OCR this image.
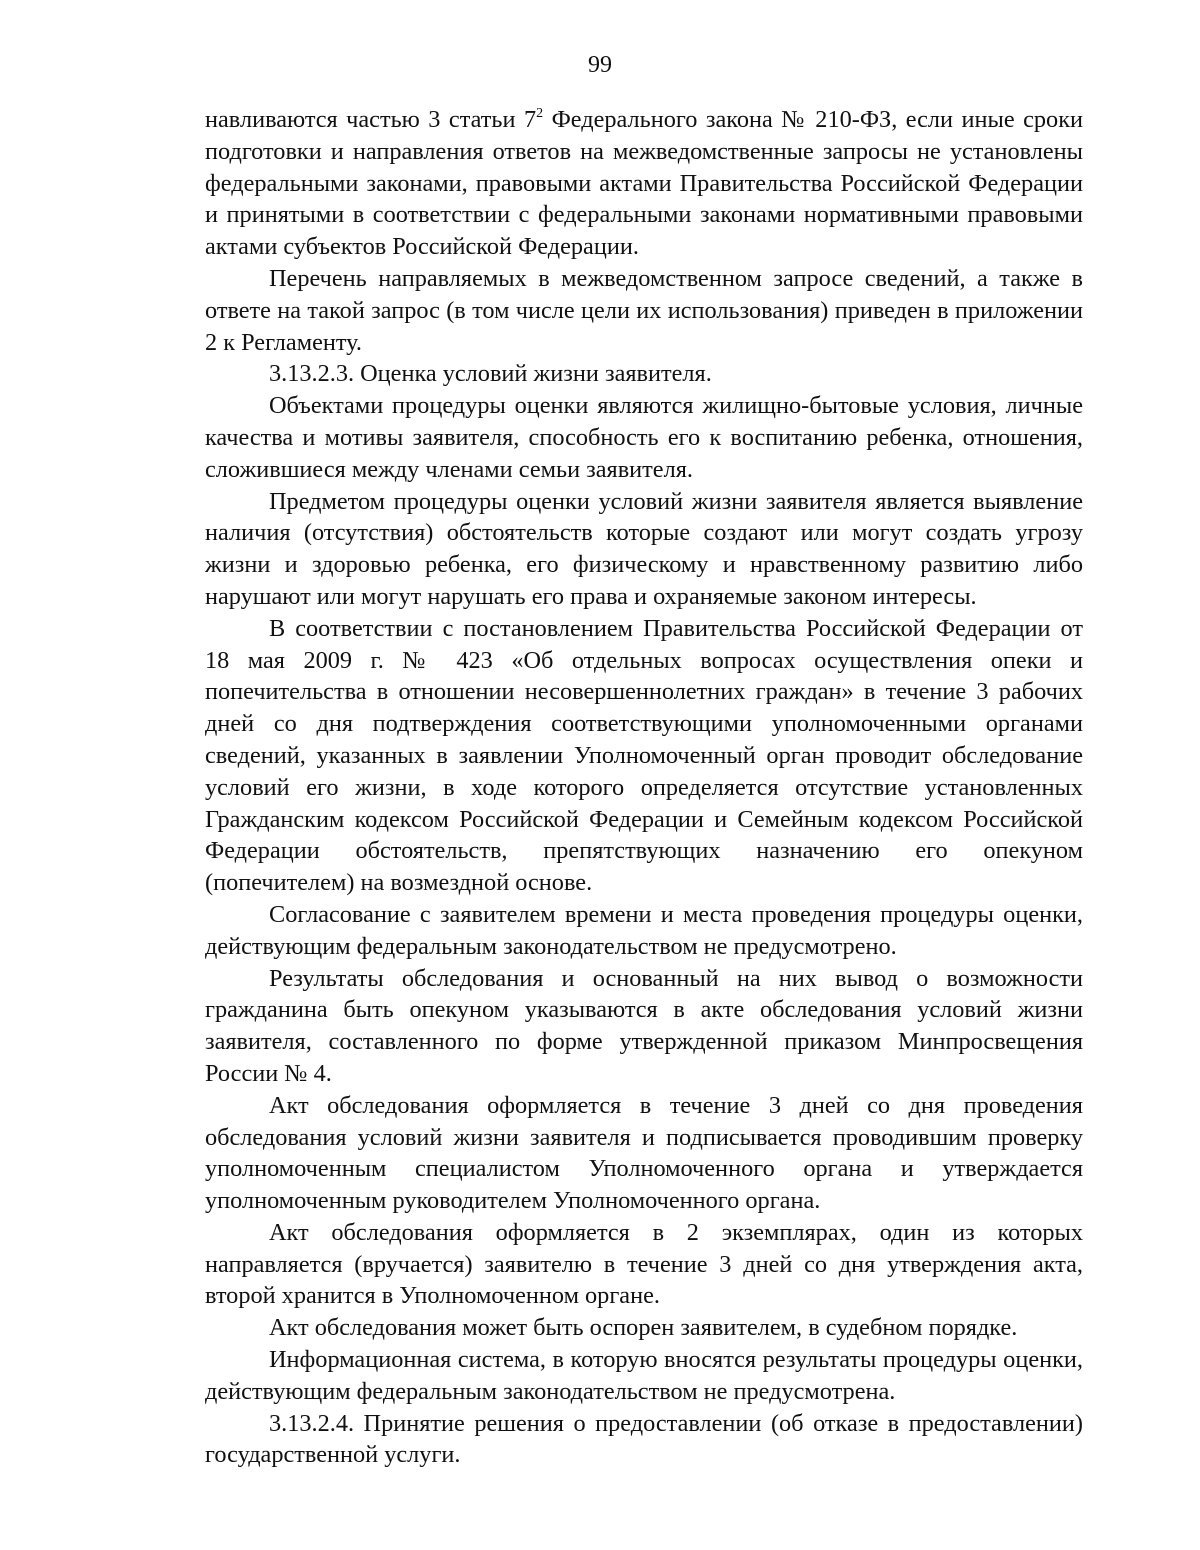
99

навливаются частью 3 статьи $7^2$ Федерального закона № 210-ФЗ, если иные сроки подготовки и направления ответов на межведомственные запросы не установлены федеральными законами, правовыми актами Правительства Российской Федерации и принятыми в соответствии с федеральными законами нормативными правовыми актами субъектов Российской Федерации.

Перечень направляемых в межведомственном запросе сведений, а также в ответе на такой запрос (в том числе цели их использования) приведен в приложении 2 к Регламенту.

3.13.2.3. Оценка условий жизни заявителя.

Объектами процедуры оценки являются жилищно-бытовые условия, личные качества и мотивы заявителя, способность его к воспитанию ребенка, отношения, сложившиеся между членами семьи заявителя.

Предметом процедуры оценки условий жизни заявителя является выявление наличия (отсутствия) обстоятельств которые создают или могут создать угрозу жизни и здоровью ребенка, его физическому и нравственному развитию либо нарушают или могут нарушать его права и охраняемые законом интересы.

В соответствии с постановлением Правительства Российской Федерации от 18 мая 2009 г. № 423 «Об отдельных вопросах осуществления опеки и попечительства в отношении несовершеннолетних граждан» в течение 3 рабочих дней со дня подтверждения соответствующими уполномоченными органами сведений, указанных в заявлении Уполномоченный орган проводит обследование условий его жизни, в ходе которого определяется отсутствие установленных Гражданским кодексом Российской Федерации и Семейным кодексом Российской Федерации обстоятельств, препятствующих назначению его опекуном (попечителем) на возмездной основе.

Согласование с заявителем времени и места проведения процедуры оценки, действующим федеральным законодательством не предусмотрено.

Результаты обследования и основанный на них вывод о возможности гражданина быть опекуном указываются в акте обследования условий жизни заявителя, составленного по форме утвержденной приказом Минпросвещения России № 4.

Акт обследования оформляется в течение 3 дней со дня проведения обследования условий жизни заявителя и подписывается проводившим проверку уполномоченным специалистом Уполномоченного органа и утверждается уполномоченным руководителем Уполномоченного органа.

Акт обследования оформляется в 2 экземплярах, один из которых направляется (вручается) заявителю в течение 3 дней со дня утверждения акта, второй хранится в Уполномоченном органе.

Акт обследования может быть оспорен заявителем, в судебном порядке.

Информационная система, в которую вносятся результаты процедуры оценки, действующим федеральным законодательством не предусмотрена.

3.13.2.4. Принятие решения о предоставлении (об отказе в предоставлении) государственной услуги.
